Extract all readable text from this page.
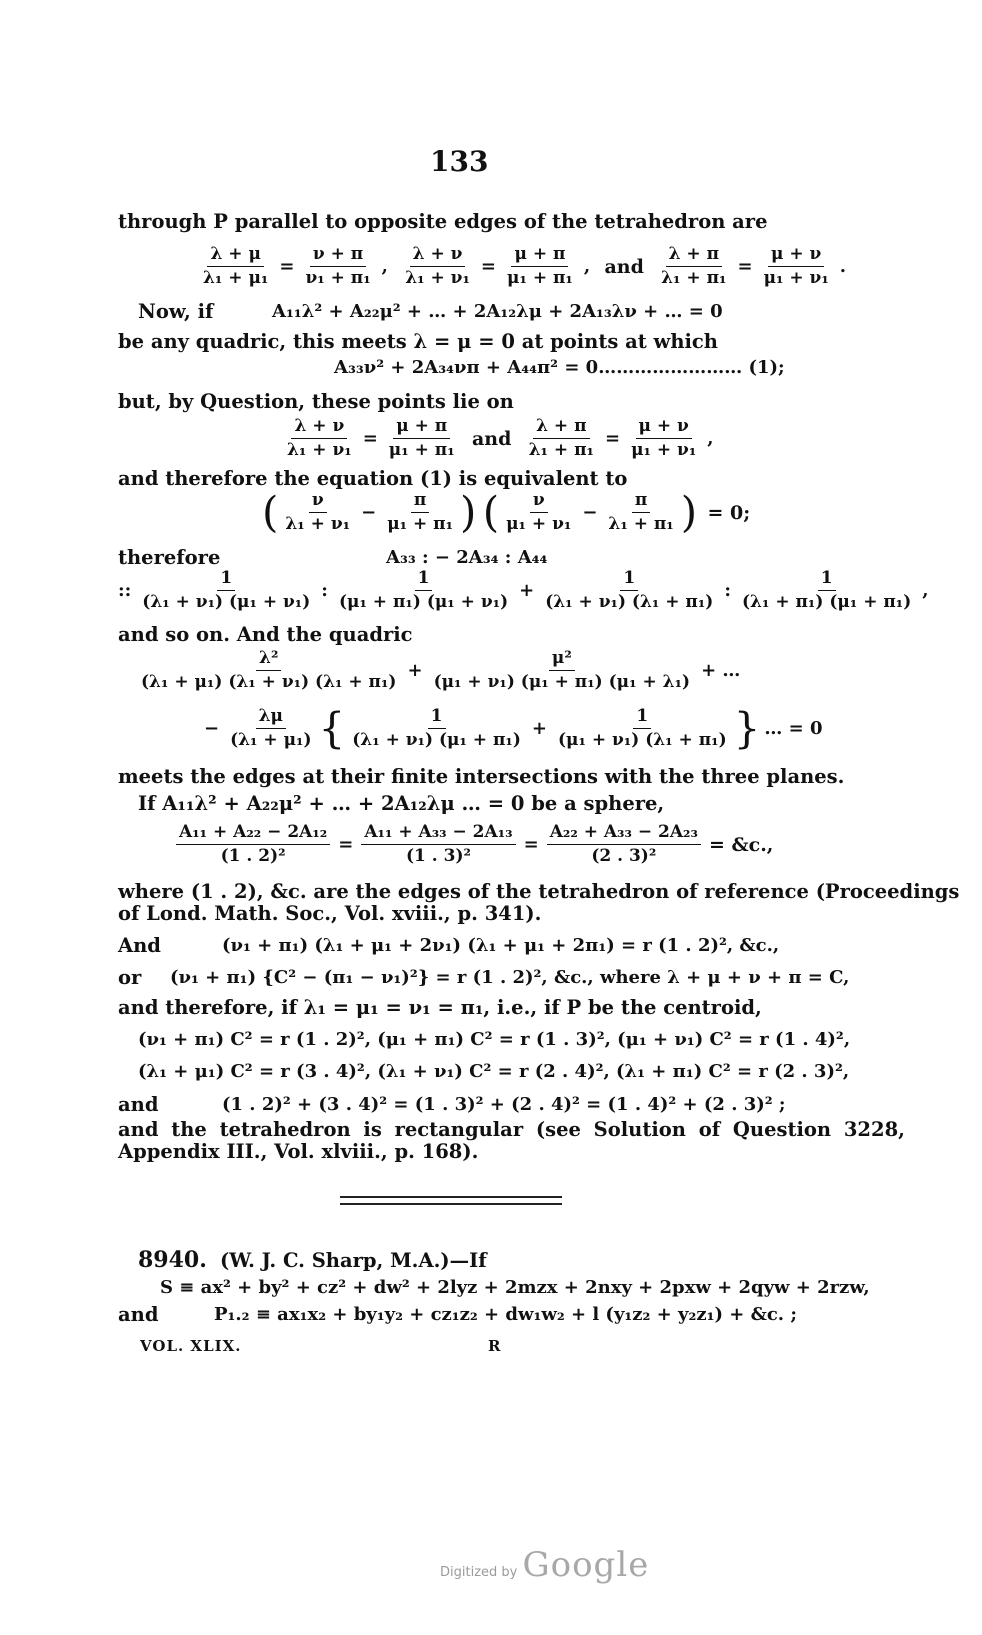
133
through P parallel to opposite edges of the tetrahedron are
$\frac{\lambda + \mu}{\text{λ₁ + μ₁}} = \frac{\nu + \pi}{\text{ν₁ + π₁}}$ , $\frac{\lambda + \nu}{\text{λ₁ + ν₁}} = \frac{\mu + \pi}{\text{μ₁ + π₁}}$ , and $\frac{\lambda + \pi}{\text{λ₁ + π₁}} = \frac{\mu + \nu}{\text{μ₁ + ν₁}}$ .
Now, if	A₁₁λ² + A₂₂μ² + … + 2A₁₂λμ + 2A₁₃λν + … = 0
be any quadric, this meets λ = μ = 0 at points at which
A₃₃ν² + 2A₃₄νπ + A₄₄π² = 0…………………… (1);
but, by Question, these points lie on
$\frac{\lambda + \nu}{\text{λ₁ + ν₁}} = \frac{\mu + \pi}{\text{μ₁ + π₁}}$ and $\frac{\lambda + \pi}{\text{λ₁ + π₁}} = \frac{\mu + \nu}{\text{μ₁ + ν₁}}$ ,
and therefore the equation (1) is equivalent to
( $\frac{\nu}{\text{λ₁ + ν₁}} - \frac{\pi}{\text{μ₁ + π₁}}$ ) ( $\frac{\nu}{\text{μ₁ + ν₁}} - \frac{\pi}{\text{λ₁ + π₁}}$ ) = 0;
therefore	A₃₃ : − 2A₃₄ : A₄₄
:: $\frac{1}{\text{(λ₁ + ν₁) (μ₁ + ν₁)}}$ : $\frac{1}{\text{(μ₁ + π₁) (μ₁ + ν₁)}} + \frac{1}{\text{(λ₁ + ν₁) (λ₁ + π₁)}}$ : $\frac{1}{\text{(λ₁ + π₁) (μ₁ + π₁)}}$ ,
and so on. And the quadric
$\frac{\text{λ²}}{\text{(λ₁ + μ₁) (λ₁ + ν₁) (λ₁ + π₁)}} + \frac{\text{μ²}}{\text{(μ₁ + ν₁) (μ₁ + π₁) (μ₁ + λ₁)}}$ + …
− $\frac{\lambda\mu}{\text{(λ₁ + μ₁)}}$ { $\frac{1}{\text{(λ₁ + ν₁) (μ₁ + π₁)}} + \frac{1}{\text{(μ₁ + ν₁) (λ₁ + π₁)}}$ } … = 0
meets the edges at their finite intersections with the three planes.
If A₁₁λ² + A₂₂μ² + … + 2A₁₂λμ … = 0 be a sphere,
$\frac{\text{A₁₁ + A₂₂ − 2A₁₂}}{\text{(1 . 2)²}} = \frac{\text{A₁₁ + A₃₃ − 2A₁₃}}{\text{(1 . 3)²}} = \frac{\text{A₂₂ + A₃₃ − 2A₂₃}}{\text{(2 . 3)²}}$ = &c.,
where (1 . 2), &c. are the edges of the tetrahedron of reference (Proceedings
of Lond. Math. Soc., Vol. xviii., p. 341).
And	(ν₁ + π₁) (λ₁ + μ₁ + 2ν₁) (λ₁ + μ₁ + 2π₁) = r (1 . 2)², &c.,
or (ν₁ + π₁) {C² − (π₁ − ν₁)²} = r (1 . 2)², &c., where λ + μ + ν + π = C,
and therefore, if λ₁ = μ₁ = ν₁ = π₁, i.e., if P be the centroid,
(ν₁ + π₁) C² = r (1 . 2)², (μ₁ + π₁) C² = r (1 . 3)², (μ₁ + ν₁) C² = r (1 . 4)²,
(λ₁ + μ₁) C² = r (3 . 4)², (λ₁ + ν₁) C² = r (2 . 4)², (λ₁ + π₁) C² = r (2 . 3)²,
and	(1 . 2)² + (3 . 4)² = (1 . 3)² + (2 . 4)² = (1 . 4)² + (2 . 3)² ;
and the tetrahedron is rectangular (see Solution of Question 3228,
Appendix III., Vol. xlviii., p. 168).
8940. (W. J. C. Sharp, M.A.)—If
S ≡ ax² + by² + cz² + dw² + 2lyz + 2mzx + 2nxy + 2pxw + 2qyw + 2rzw,
and	P₁.₂ ≡ ax₁x₂ + by₁y₂ + cz₁z₂ + dw₁w₂ + l (y₁z₂ + y₂z₁) + &c. ;
VOL. XLIX.	R
Digitized by Google
